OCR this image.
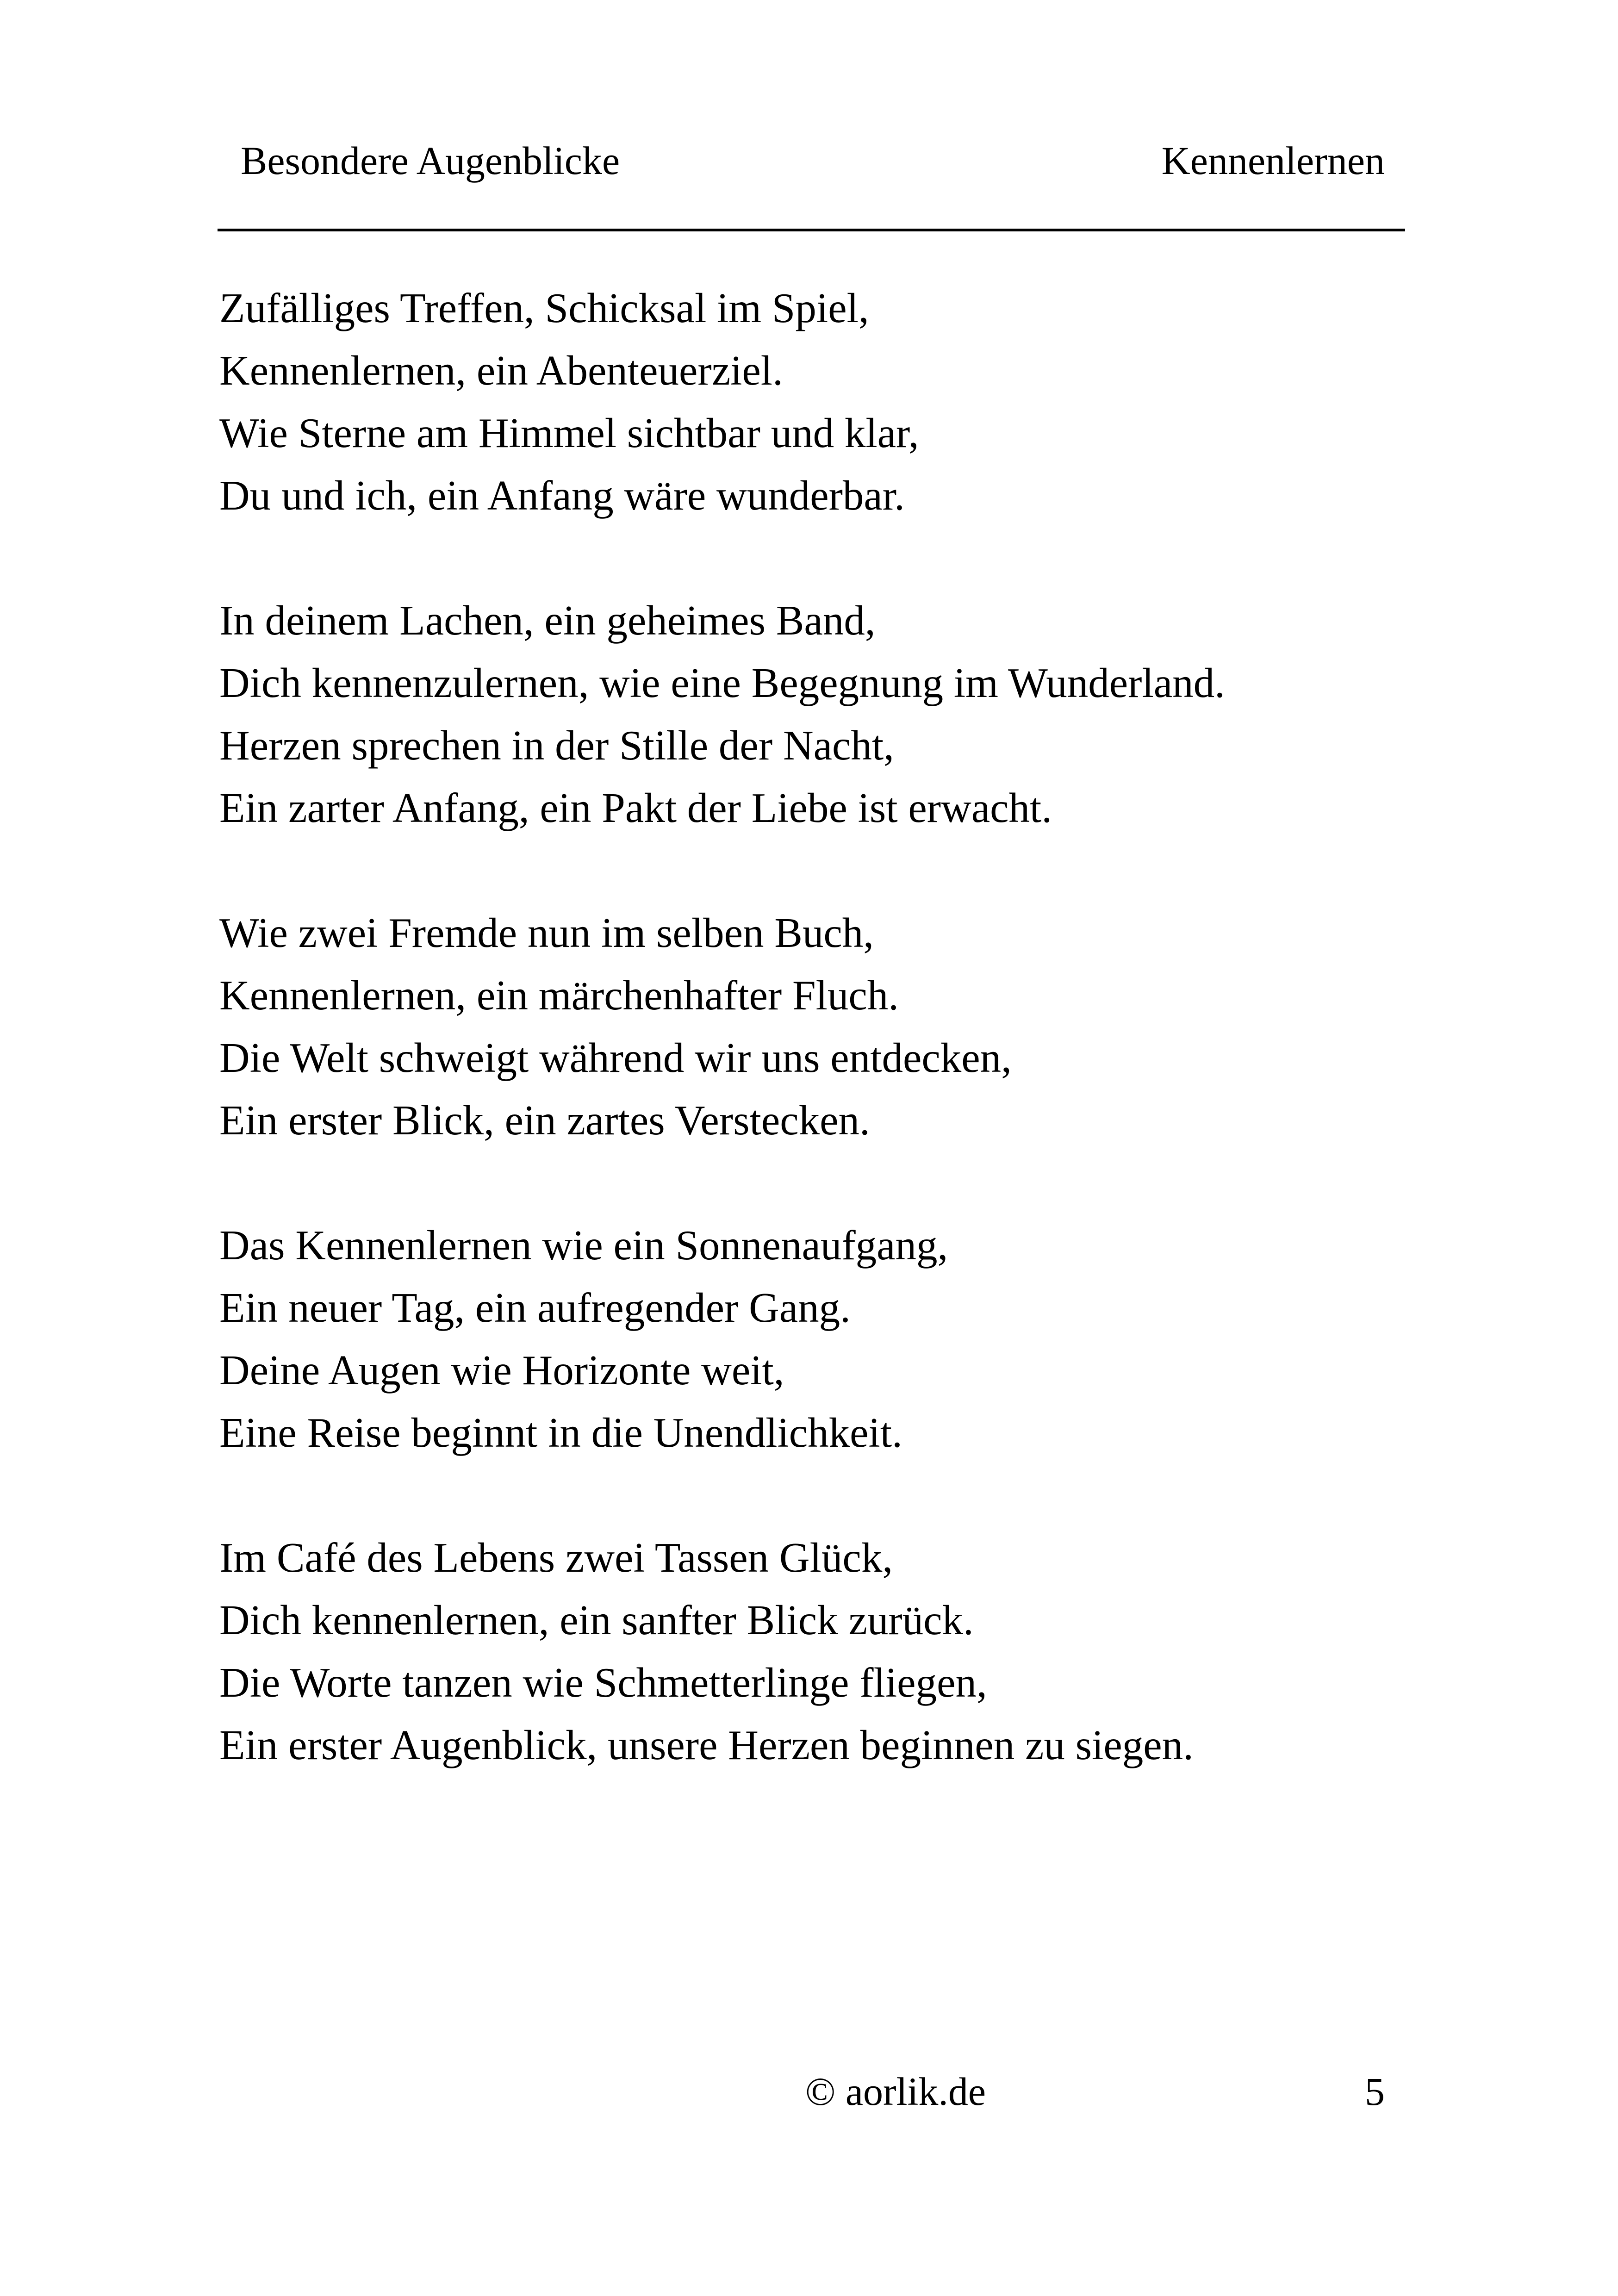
Besondere Augenblicke	Kennenlernen
Zufälliges Treffen, Schicksal im Spiel,
Kennenlernen, ein Abenteuerziel.
Wie Sterne am Himmel sichtbar und klar,
Du und ich, ein Anfang wäre wunderbar.
In deinem Lachen, ein geheimes Band,
Dich kennenzulernen, wie eine Begegnung im Wunderland.
Herzen sprechen in der Stille der Nacht,
Ein zarter Anfang, ein Pakt der Liebe ist erwacht.
Wie zwei Fremde nun im selben Buch,
Kennenlernen, ein märchenhafter Fluch.
Die Welt schweigt während wir uns entdecken,
Ein erster Blick, ein zartes Verstecken.
Das Kennenlernen wie ein Sonnenaufgang,
Ein neuer Tag, ein aufregender Gang.
Deine Augen wie Horizonte weit,
Eine Reise beginnt in die Unendlichkeit.
Im Café des Lebens zwei Tassen Glück,
Dich kennenlernen, ein sanfter Blick zurück.
Die Worte tanzen wie Schmetterlinge fliegen,
Ein erster Augenblick, unsere Herzen beginnen zu siegen.
© aorlik.de	5
